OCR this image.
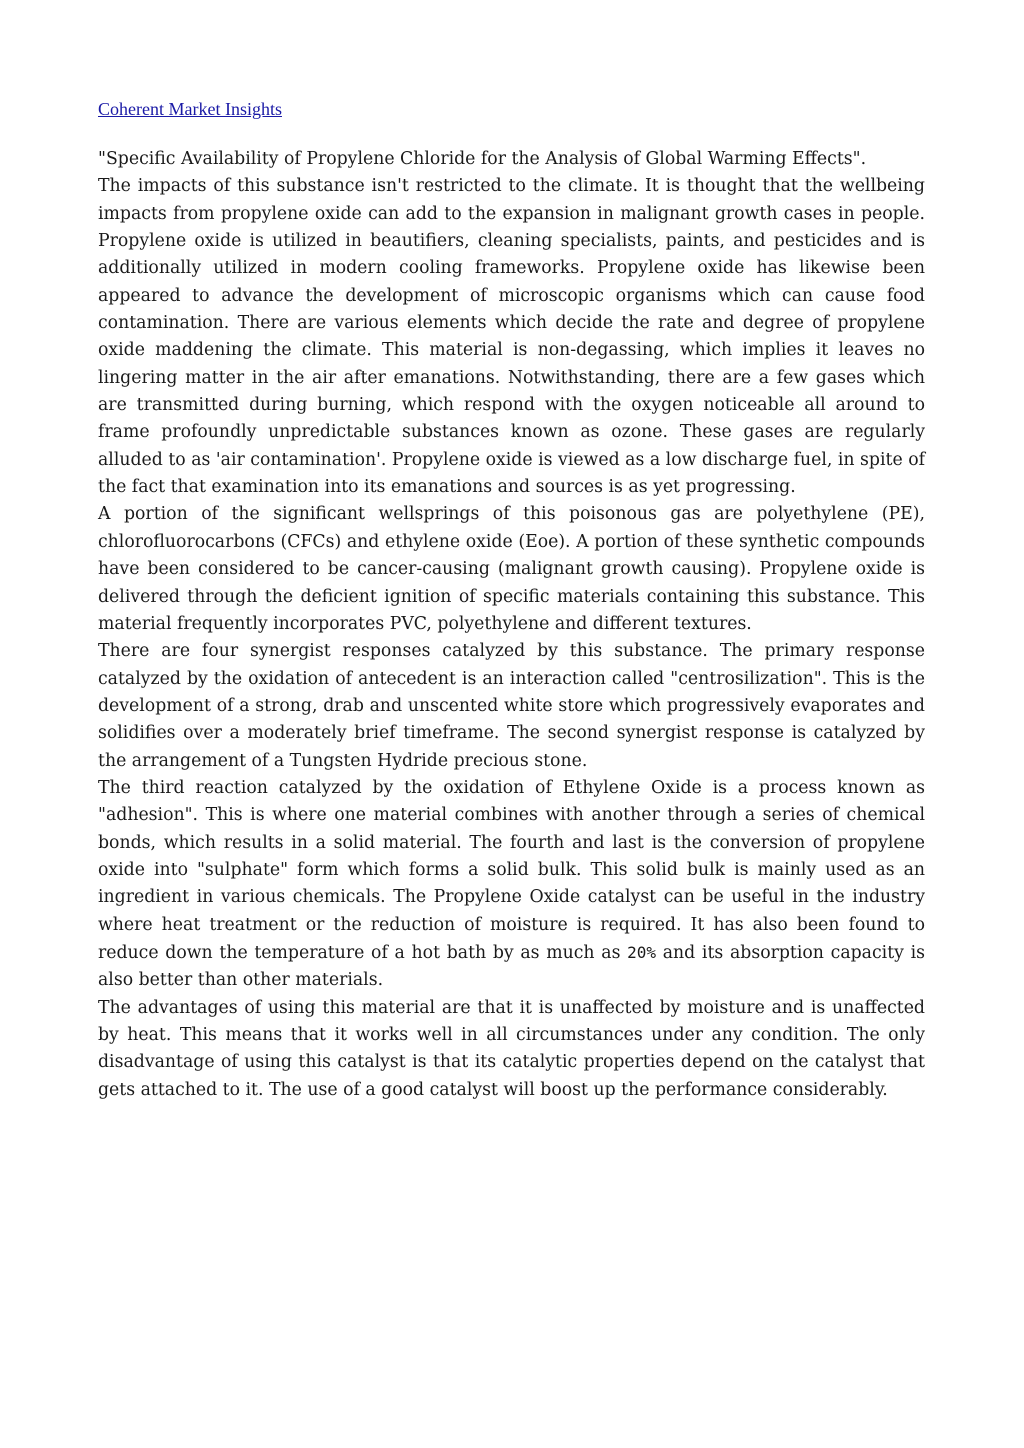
Coherent Market Insights

"Specific Availability of Propylene Chloride for the Analysis of Global Warming Effects".

The impacts of this substance isn't restricted to the climate. It is thought that the wellbeing impacts from propylene oxide can add to the expansion in malignant growth cases in people. Propylene oxide is utilized in beautifiers, cleaning specialists, paints, and pesticides and is additionally utilized in modern cooling frameworks. Propylene oxide has likewise been appeared to advance the development of microscopic organisms which can cause food contamination. There are various elements which decide the rate and degree of propylene oxide maddening the climate. This material is non-degassing, which implies it leaves no lingering matter in the air after emanations. Notwithstanding, there are a few gases which are transmitted during burning, which respond with the oxygen noticeable all around to frame profoundly unpredictable substances known as ozone. These gases are regularly alluded to as 'air contamination'. Propylene oxide is viewed as a low discharge fuel, in spite of the fact that examination into its emanations and sources is as yet progressing.

A portion of the significant wellsprings of this poisonous gas are polyethylene (PE), chlorofluorocarbons (CFCs) and ethylene oxide (Eoe). A portion of these synthetic compounds have been considered to be cancer-causing (malignant growth causing). Propylene oxide is delivered through the deficient ignition of specific materials containing this substance. This material frequently incorporates PVC, polyethylene and different textures.

There are four synergist responses catalyzed by this substance. The primary response catalyzed by the oxidation of antecedent is an interaction called "centrosilization". This is the development of a strong, drab and unscented white store which progressively evaporates and solidifies over a moderately brief timeframe. The second synergist response is catalyzed by the arrangement of a Tungsten Hydride precious stone.

The third reaction catalyzed by the oxidation of Ethylene Oxide is a process known as "adhesion". This is where one material combines with another through a series of chemical bonds, which results in a solid material. The fourth and last is the conversion of propylene oxide into "sulphate" form which forms a solid bulk. This solid bulk is mainly used as an ingredient in various chemicals. The Propylene Oxide catalyst can be useful in the industry where heat treatment or the reduction of moisture is required. It has also been found to reduce down the temperature of a hot bath by as much as 20% and its absorption capacity is also better than other materials.

The advantages of using this material are that it is unaffected by moisture and is unaffected by heat. This means that it works well in all circumstances under any condition. The only disadvantage of using this catalyst is that its catalytic properties depend on the catalyst that gets attached to it. The use of a good catalyst will boost up the performance considerably.
